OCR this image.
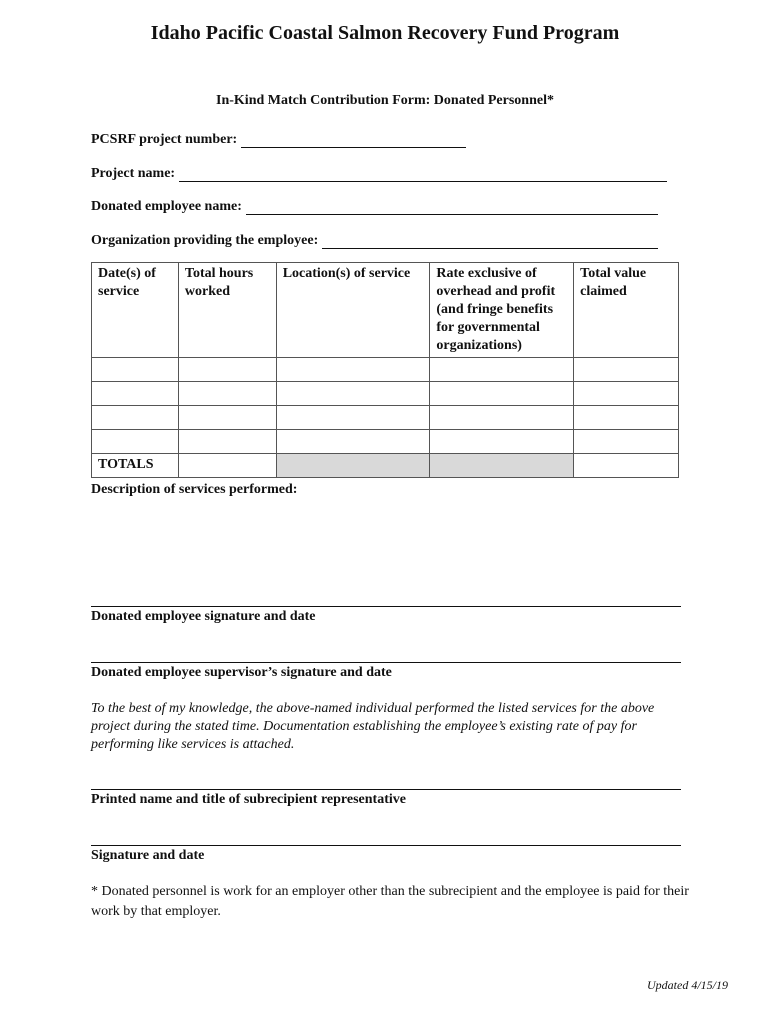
Idaho Pacific Coastal Salmon Recovery Fund Program
In-Kind Match Contribution Form: Donated Personnel*
PCSRF project number:
Project name:
Donated employee name:
Organization providing the employee:
Date(s) of service	Total hours worked	Location(s) of service	Rate exclusive of overhead and profit (and fringe benefits for governmental organizations)	Total value claimed

TOTALS				
Description of services performed:
Donated employee signature and date
Donated employee supervisor’s signature and date
To the best of my knowledge, the above-named individual performed the listed services for the above project during the stated time. Documentation establishing the employee’s existing rate of pay for performing like services is attached.
Printed name and title of subrecipient representative
Signature and date
* Donated personnel is work for an employer other than the subrecipient and the employee is paid for their work by that employer.
Updated 4/15/19
